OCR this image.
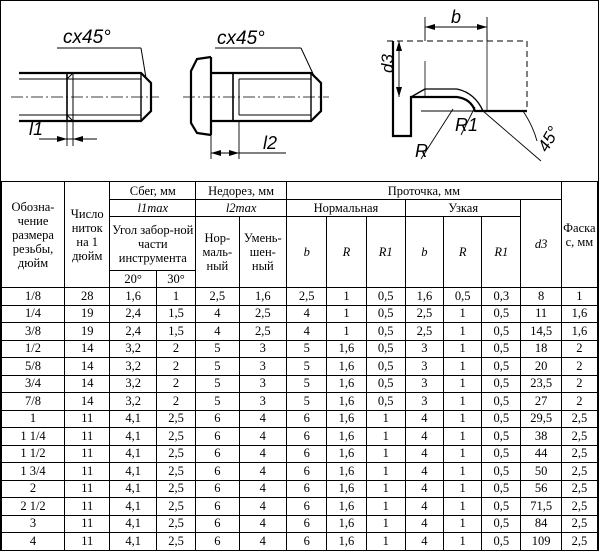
cx45°
l1
cx45°
l2
b
d3
R
R1	45°
Обозна-чение размера резьбы, дюйм	Число ниток на 1 дюйм	Сбег, мм		Недорез, мм		Проточка, мм							Фаска с, мм
		l1max		l2max		Нормальная			Узкая			d3	
		Угол забор-ной части инструмента		Нор-маль-ный	Умень-шен-ный	b	R	R1	b	R	R1		
		20°	30°										
1/8	28	1,6	1	2,5	1,6	2,5	1	0,5	1,6	0,5	0,3	8	1
1/4	19	2,4	1,5	4	2,5	4	1	0,5	2,5	1	0,5	11	1,6
3/8	19	2,4	1,5	4	2,5	4	1	0,5	2,5	1	0,5	14,5	1,6
1/2	14	3,2	2	5	3	5	1,6	0,5	3	1	0,5	18	2
5/8	14	3,2	2	5	3	5	1,6	0,5	3	1	0,5	20	2
3/4	14	3,2	2	5	3	5	1,6	0,5	3	1	0,5	23,5	2
7/8	14	3,2	2	5	3	5	1,6	0,5	3	1	0,5	27	2
1	11	4,1	2,5	6	4	6	1,6	1	4	1	0,5	29,5	2,5
1 1/4	11	4,1	2,5	6	4	6	1,6	1	4	1	0,5	38	2,5
1 1/2	11	4,1	2,5	6	4	6	1,6	1	4	1	0,5	44	2,5
1 3/4	11	4,1	2,5	6	4	6	1,6	1	4	1	0,5	50	2,5
2	11	4,1	2,5	6	4	6	1,6	1	4	1	0,5	56	2,5
2 1/2	11	4,1	2,5	6	4	6	1,6	1	4	1	0,5	71,5	2,5
3	11	4,1	2,5	6	4	6	1,6	1	4	1	0,5	84	2,5
4	11	4,1	2,5	6	4	6	1,6	1	4	1	0,5	109	2,5
